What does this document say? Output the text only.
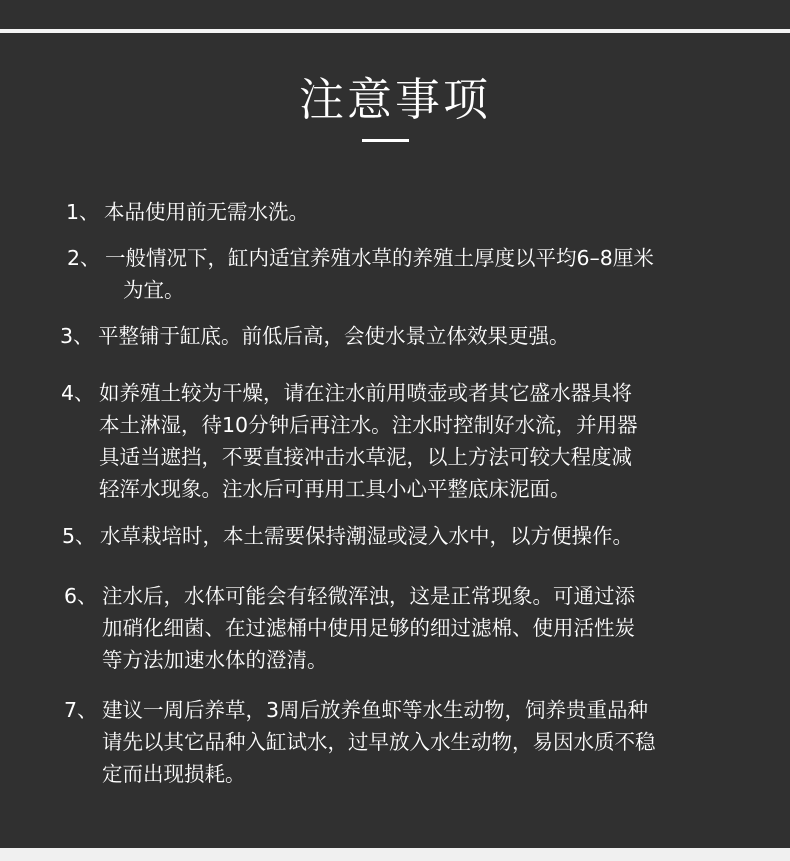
注意事项
1、 本品使用前无需水洗。
2、 一般情况下，缸内适宜养殖水草的养殖土厚度以平均6–8厘米
为宜。
3、 平整铺于缸底。前低后高，会使水景立体效果更强。
4、 如养殖土较为干燥，请在注水前用喷壶或者其它盛水器具将
本土淋湿，待10分钟后再注水。注水时控制好水流，并用器
具适当遮挡，不要直接冲击水草泥，以上方法可较大程度减
轻浑水现象。注水后可再用工具小心平整底床泥面。
5、 水草栽培时，本土需要保持潮湿或浸入水中，以方便操作。
6、 注水后，水体可能会有轻微浑浊，这是正常现象。可通过添
加硝化细菌、在过滤桶中使用足够的细过滤棉、使用活性炭
等方法加速水体的澄清。
7、 建议一周后养草，3周后放养鱼虾等水生动物，饲养贵重品种
请先以其它品种入缸试水，过早放入水生动物，易因水质不稳
定而出现损耗。
